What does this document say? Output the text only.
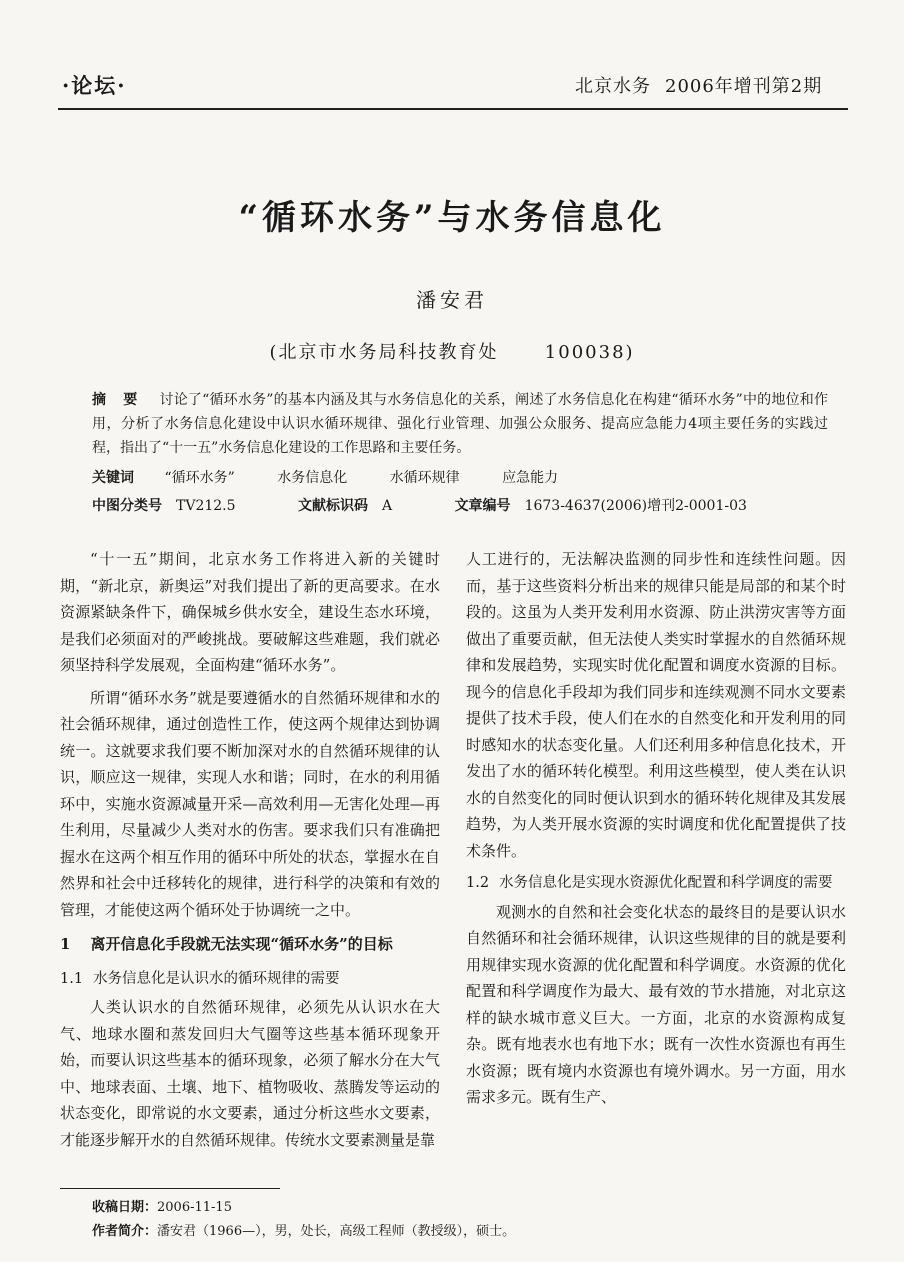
·论坛·	北京水务 2006年增刊第2期
“循环水务”与水务信息化
潘安君
(北京市水务局科技教育处      100038)
摘 要 讨论了“循环水务”的基本内涵及其与水务信息化的关系，阐述了水务信息化在构建“循环水务”中的地位和作用，分析了水务信息化建设中认识水循环规律、强化行业管理、加强公众服务、提高应急能力4项主要任务的实践过程，指出了“十一五”水务信息化建设的工作思路和主要任务。
关键词 “循环水务”	水务信息化	水循环规律	应急能力
中图分类号 TV212.5	文献标识码 A	文章编号 1673-4637(2006)增刊2-0001-03

“十一五”期间，北京水务工作将进入新的关键时期，“新北京，新奥运”对我们提出了新的更高要求。在水资源紧缺条件下，确保城乡供水安全，建设生态水环境，是我们必须面对的严峻挑战。要破解这些难题，我们就必须坚持科学发展观，全面构建“循环水务”。

所谓“循环水务”就是要遵循水的自然循环规律和水的社会循环规律，通过创造性工作，使这两个规律达到协调统一。这就要求我们要不断加深对水的自然循环规律的认识，顺应这一规律，实现人水和谐；同时，在水的利用循环中，实施水资源减量开采—高效利用—无害化处理—再生利用，尽量减少人类对水的伤害。要求我们只有准确把握水在这两个相互作用的循环中所处的状态，掌握水在自然界和社会中迁移转化的规律，进行科学的决策和有效的管理，才能使这两个循环处于协调统一之中。

1 离开信息化手段就无法实现“循环水务”的目标
1.1 水务信息化是认识水的循环规律的需要

人类认识水的自然循环规律，必须先从认识水在大气、地球水圈和蒸发回归大气圈等这些基本循环现象开始，而要认识这些基本的循环现象，必须了解水分在大气中、地球表面、土壤、地下、植物吸收、蒸腾发等运动的状态变化，即常说的水文要素，通过分析这些水文要素，才能逐步解开水的自然循环规律。传统水文要素测量是靠

人工进行的，无法解决监测的同步性和连续性问题。因而，基于这些资料分析出来的规律只能是局部的和某个时段的。这虽为人类开发利用水资源、防止洪涝灾害等方面做出了重要贡献，但无法使人类实时掌握水的自然循环规律和发展趋势，实现实时优化配置和调度水资源的目标。现今的信息化手段却为我们同步和连续观测不同水文要素提供了技术手段，使人们在水的自然变化和开发利用的同时感知水的状态变化量。人们还利用多种信息化技术，开发出了水的循环转化模型。利用这些模型，使人类在认识水的自然变化的同时便认识到水的循环转化规律及其发展趋势，为人类开展水资源的实时调度和优化配置提供了技术条件。

1.2 水务信息化是实现水资源优化配置和科学调度的需要

观测水的自然和社会变化状态的最终目的是要认识水自然循环和社会循环规律，认识这些规律的目的就是要利用规律实现水资源的优化配置和科学调度。水资源的优化配置和科学调度作为最大、最有效的节水措施，对北京这样的缺水城市意义巨大。一方面，北京的水资源构成复杂。既有地表水也有地下水；既有一次性水资源也有再生水资源；既有境内水资源也有境外调水。另一方面，用水需求多元。既有生产、

收稿日期：2006-11-15
作者简介：潘安君（1966—），男，处长，高级工程师（教授级），硕士。
